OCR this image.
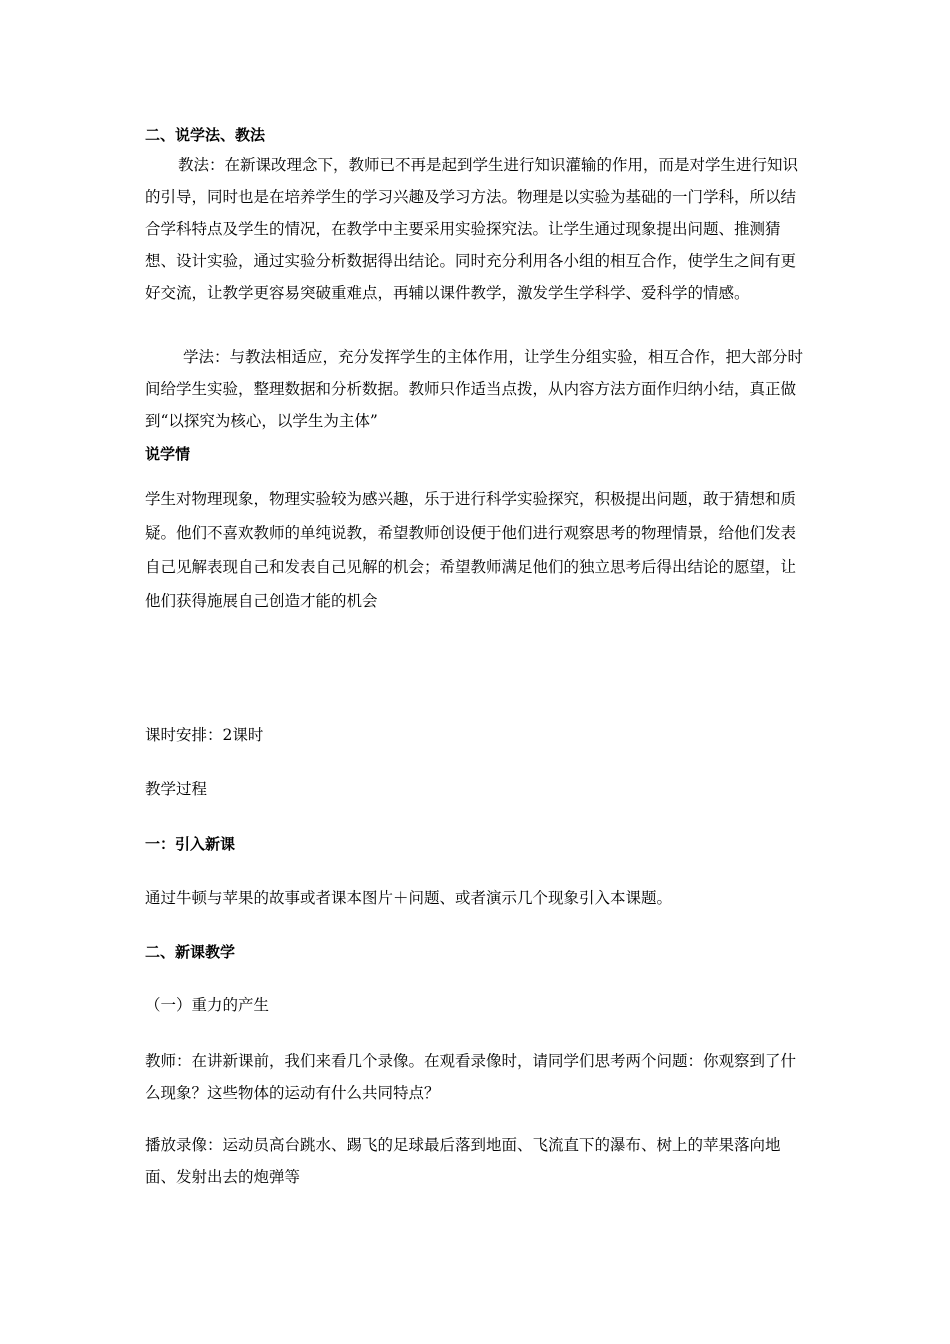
二、说学法、教法

教法：在新课改理念下，教师已不再是起到学生进行知识灌输的作用，而是对学生进行知识的引导，同时也是在培养学生的学习兴趣及学习方法。物理是以实验为基础的一门学科，所以结合学科特点及学生的情况，在教学中主要采用实验探究法。让学生通过现象提出问题、推测猜想、设计实验，通过实验分析数据得出结论。同时充分利用各小组的相互合作，使学生之间有更好交流，让教学更容易突破重难点，再辅以课件教学，激发学生学科学、爱科学的情感。

学法：与教法相适应，充分发挥学生的主体作用，让学生分组实验，相互合作，把大部分时间给学生实验，整理数据和分析数据。教师只作适当点拨，从内容方法方面作归纳小结，真正做到“以探究为核心，以学生为主体”

说学情

学生对物理现象，物理实验较为感兴趣，乐于进行科学实验探究，积极提出问题，敢于猜想和质疑。他们不喜欢教师的单纯说教，希望教师创设便于他们进行观察思考的物理情景，给他们发表自己见解表现自己和发表自己见解的机会；希望教师满足他们的独立思考后得出结论的愿望，让他们获得施展自己创造才能的机会

课时安排：2课时

教学过程

一：引入新课

通过牛顿与苹果的故事或者课本图片＋问题、或者演示几个现象引入本课题。

二、新课教学

（一）重力的产生

教师：在讲新课前，我们来看几个录像。在观看录像时，请同学们思考两个问题：你观察到了什么现象？这些物体的运动有什么共同特点？

播放录像：运动员高台跳水、踢飞的足球最后落到地面、飞流直下的瀑布、树上的苹果落向地面、发射出去的炮弹等
